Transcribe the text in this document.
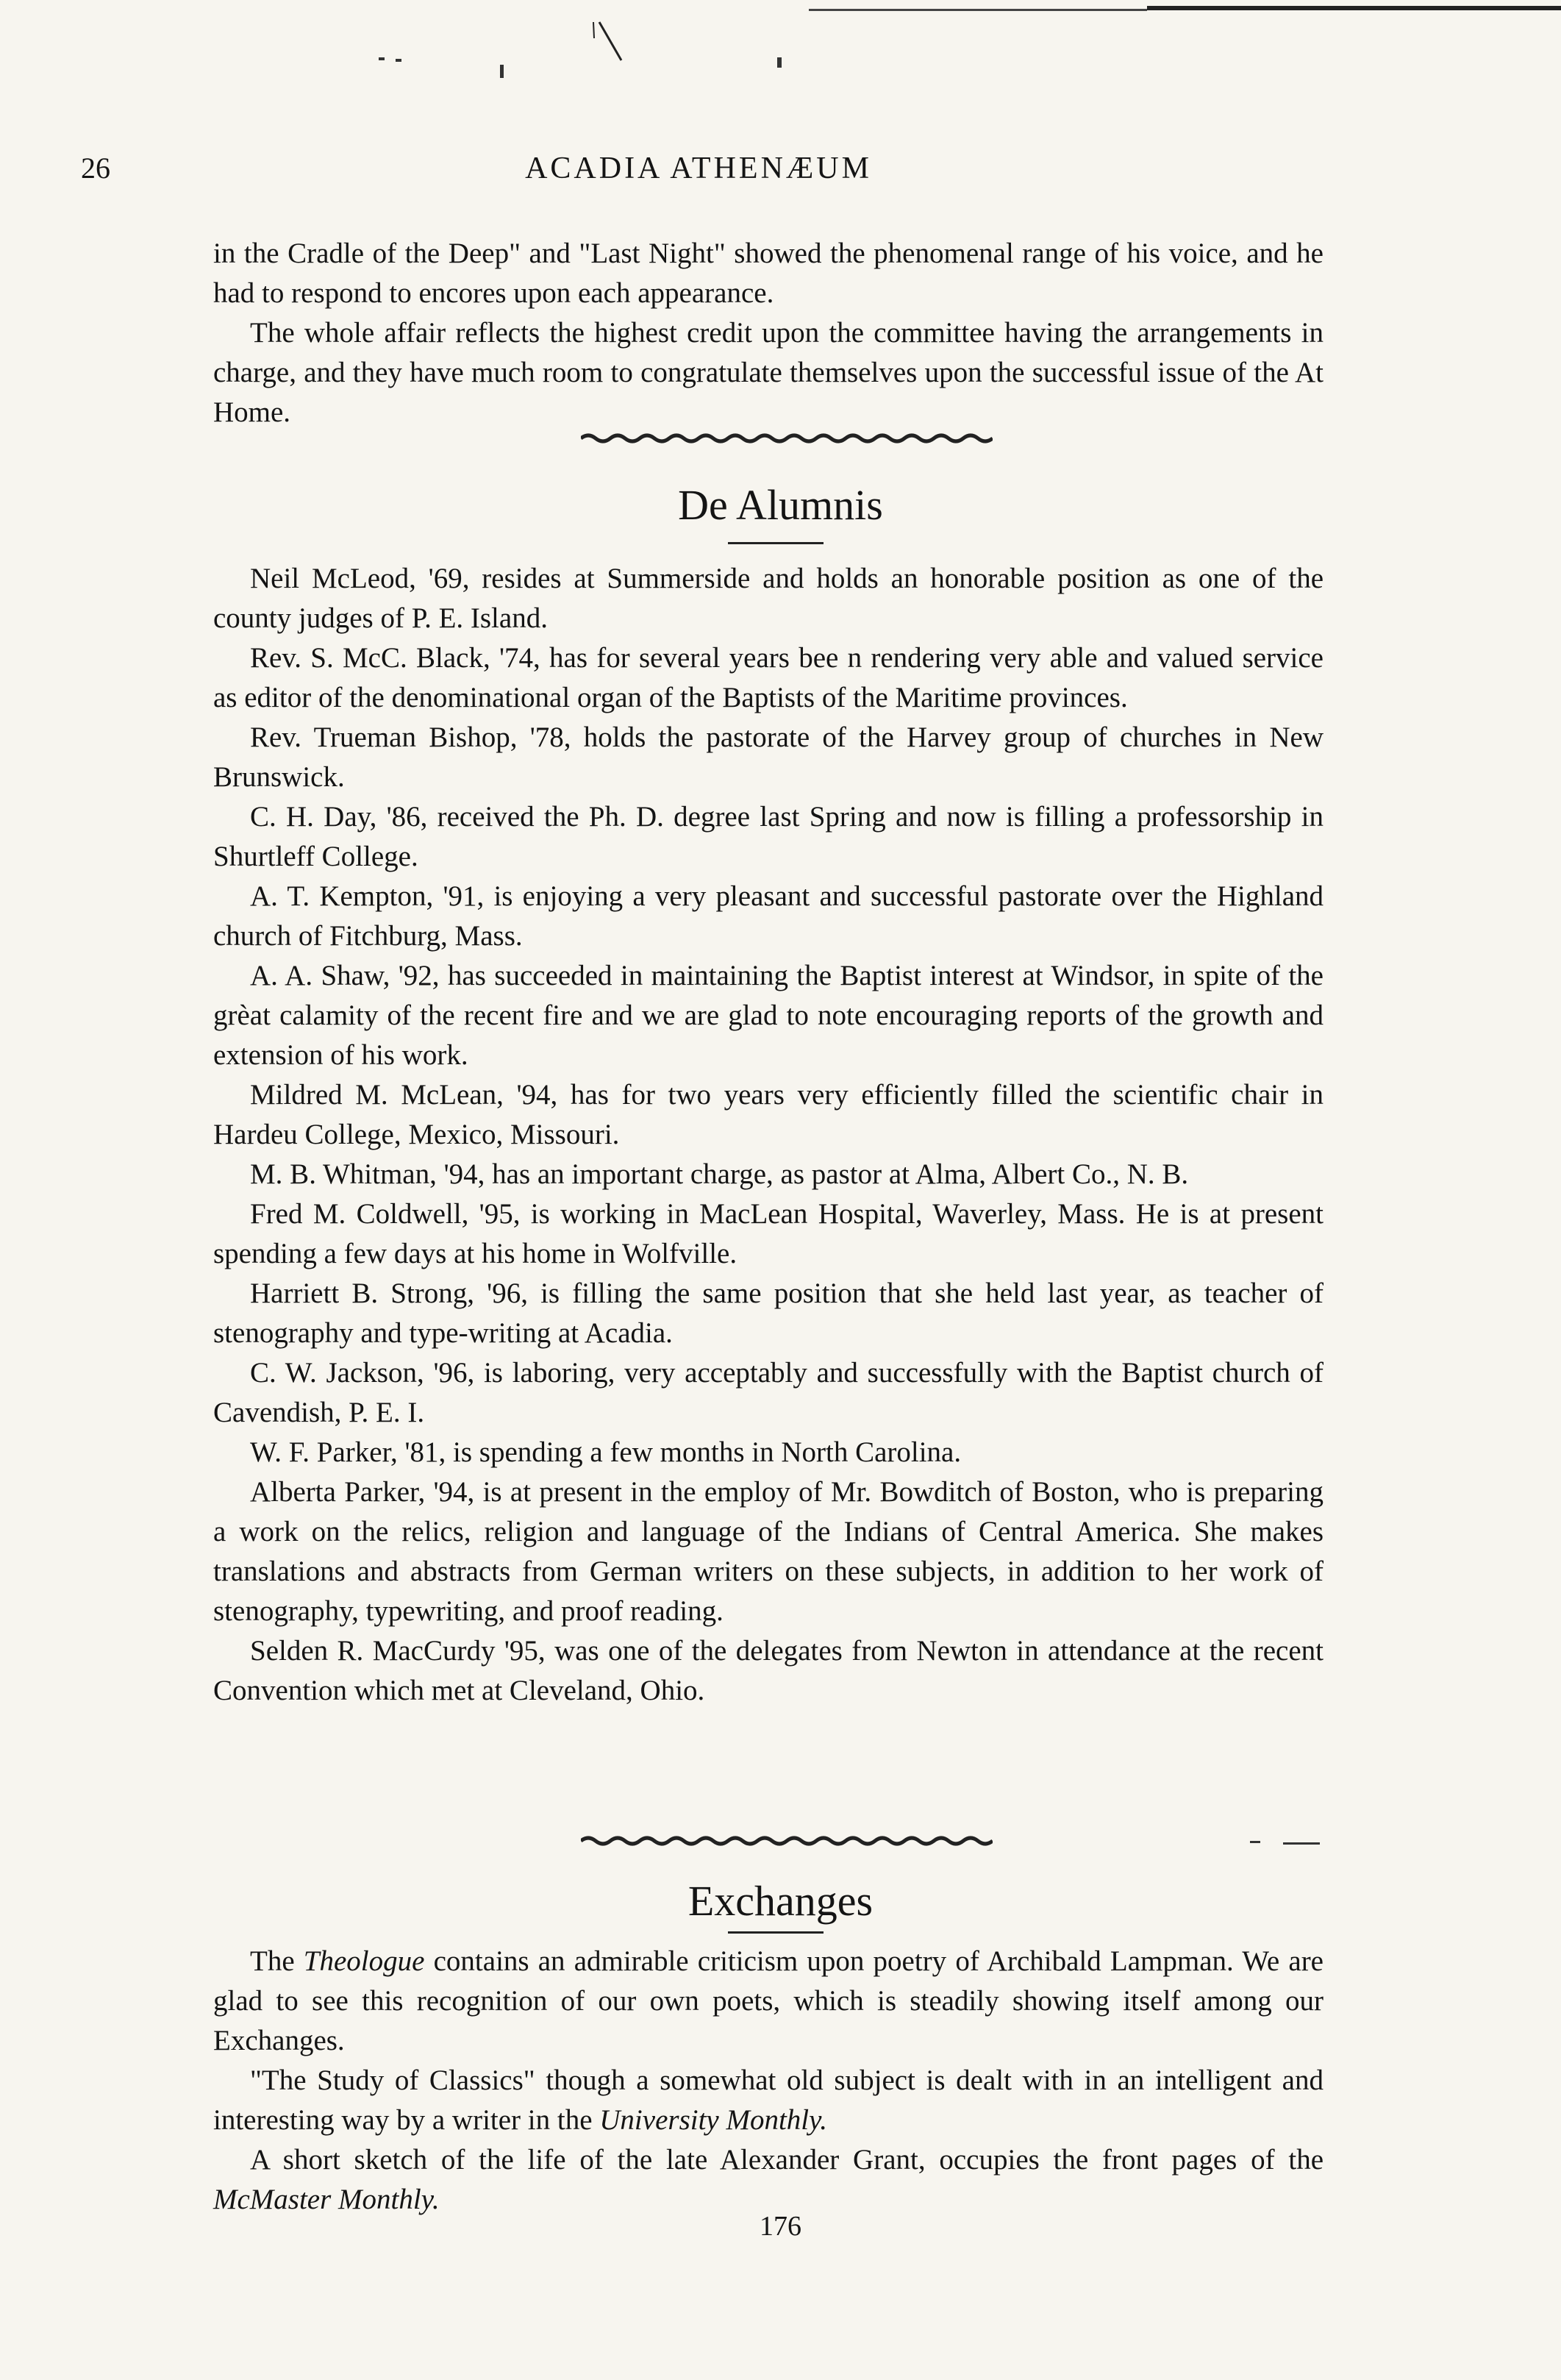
26	ACADIA ATHENÆUM

in the Cradle of the Deep" and "Last Night" showed the phenomenal range of his voice, and he had to respond to encores upon each appearance.

The whole affair reflects the highest credit upon the committee having the arrangements in charge, and they have much room to congratulate themselves upon the successful issue of the At Home.

De Alumnis

Neil McLeod, '69, resides at Summerside and holds an honorable position as one of the county judges of P. E. Island.

Rev. S. McC. Black, '74, has for several years bee n rendering very able and valued service as editor of the denominational organ of the Baptists of the Maritime provinces.

Rev. Trueman Bishop, '78, holds the pastorate of the Harvey group of churches in New Brunswick.

C. H. Day, '86, received the Ph. D. degree last Spring and now is filling a professorship in Shurtleff College.

A. T. Kempton, '91, is enjoying a very pleasant and successful pastorate over the Highland church of Fitchburg, Mass.

A. A. Shaw, '92, has succeeded in maintaining the Baptist interest at Windsor, in spite of the grèat calamity of the recent fire and we are glad to note encouraging reports of the growth and extension of his work.

Mildred M. McLean, '94, has for two years very efficiently filled the scientific chair in Hardeu College, Mexico, Missouri.

M. B. Whitman, '94, has an important charge, as pastor at Alma, Albert Co., N. B.

Fred M. Coldwell, '95, is working in MacLean Hospital, Waverley, Mass. He is at present spending a few days at his home in Wolfville.

Harriett B. Strong, '96, is filling the same position that she held last year, as teacher of stenography and type-writing at Acadia.

C. W. Jackson, '96, is laboring, very acceptably and successfully with the Baptist church of Cavendish, P. E. I.

W. F. Parker, '81, is spending a few months in North Carolina.

Alberta Parker, '94, is at present in the employ of Mr. Bowditch of Boston, who is preparing a work on the relics, religion and language of the Indians of Central America. She makes translations and abstracts from German writers on these subjects, in addition to her work of stenography, typewriting, and proof reading.

Selden R. MacCurdy '95, was one of the delegates from Newton in attendance at the recent Convention which met at Cleveland, Ohio.

Exchanges

The Theologue contains an admirable criticism upon poetry of Archibald Lampman. We are glad to see this recognition of our own poets, which is steadily showing itself among our Exchanges.

"The Study of Classics" though a somewhat old subject is dealt with in an intelligent and interesting way by a writer in the University Monthly.

A short sketch of the life of the late Alexander Grant, occupies the front pages of the McMaster Monthly.

176
